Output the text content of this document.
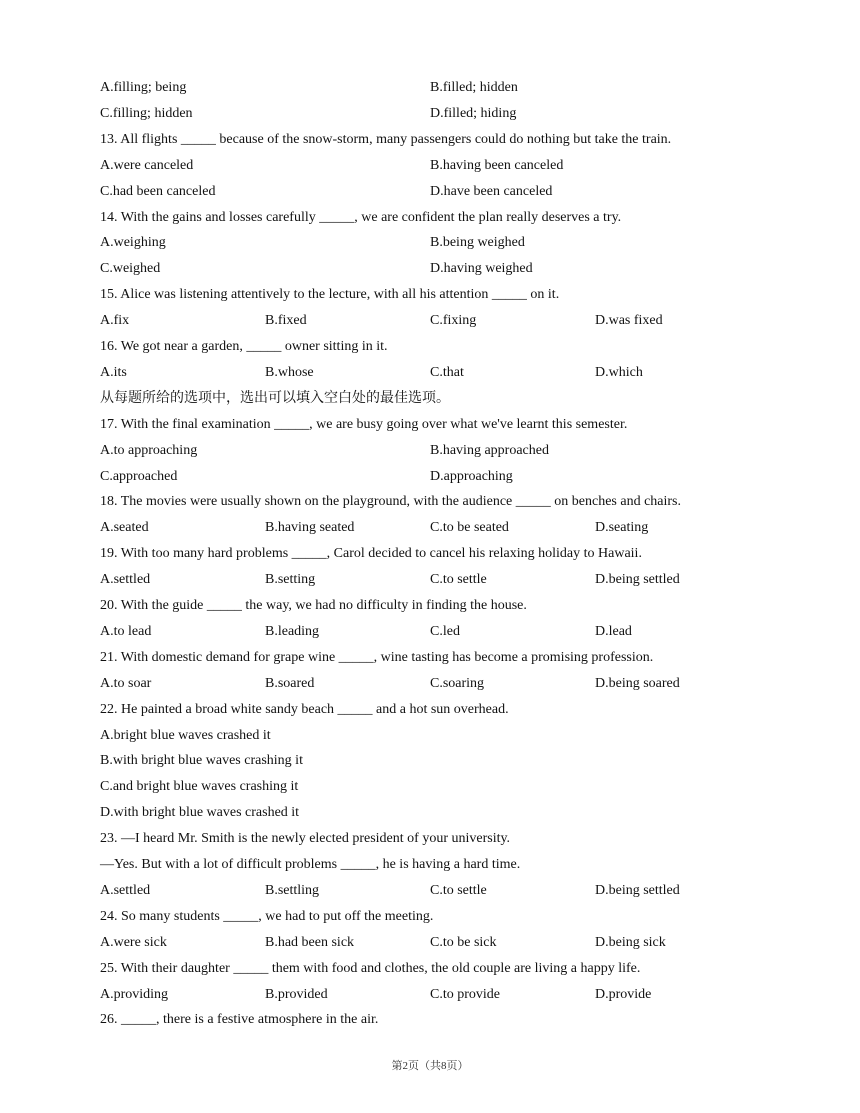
A.filling; being	B.filled; hidden
C.filling; hidden	D.filled; hiding
13. All flights _____ because of the snow-storm, many passengers could do nothing but take the train.
A.were canceled	B.having been canceled
C.had been canceled	D.have been canceled
14. With the gains and losses carefully _____, we are confident the plan really deserves a try.
A.weighing	B.being weighed
C.weighed	D.having weighed
15. Alice was listening attentively to the lecture, with all his attention _____ on it.
A.fix	B.fixed	C.fixing	D.was fixed
16. We got near a garden, _____ owner sitting in it.
A.its	B.whose	C.that	D.which
从每题所给的选项中，选出可以填入空白处的最佳选项。
17. With the final examination _____, we are busy going over what we've learnt this semester.
A.to approaching	B.having approached
C.approached	D.approaching
18. The movies were usually shown on the playground, with the audience _____ on benches and chairs.
A.seated	B.having seated	C.to be seated	D.seating
19. With too many hard problems _____, Carol decided to cancel his relaxing holiday to Hawaii.
A.settled	B.setting	C.to settle	D.being settled
20. With the guide _____ the way, we had no difficulty in finding the house.
A.to lead	B.leading	C.led	D.lead
21. With domestic demand for grape wine _____, wine tasting has become a promising profession.
A.to soar	B.soared	C.soaring	D.being soared
22. He painted a broad white sandy beach _____ and a hot sun overhead.
A.bright blue waves crashed it
B.with bright blue waves crashing it
C.and bright blue waves crashing it
D.with bright blue waves crashed it
23. —I heard Mr. Smith is the newly elected president of your university.
—Yes. But with a lot of difficult problems _____, he is having a hard time.
A.settled	B.settling	C.to settle	D.being settled
24. So many students _____, we had to put off the meeting.
A.were sick	B.had been sick	C.to be sick	D.being sick
25. With their daughter _____ them with food and clothes, the old couple are living a happy life.
A.providing	B.provided	C.to provide	D.provide
26. _____, there is a festive atmosphere in the air.
第2页（共8页）
